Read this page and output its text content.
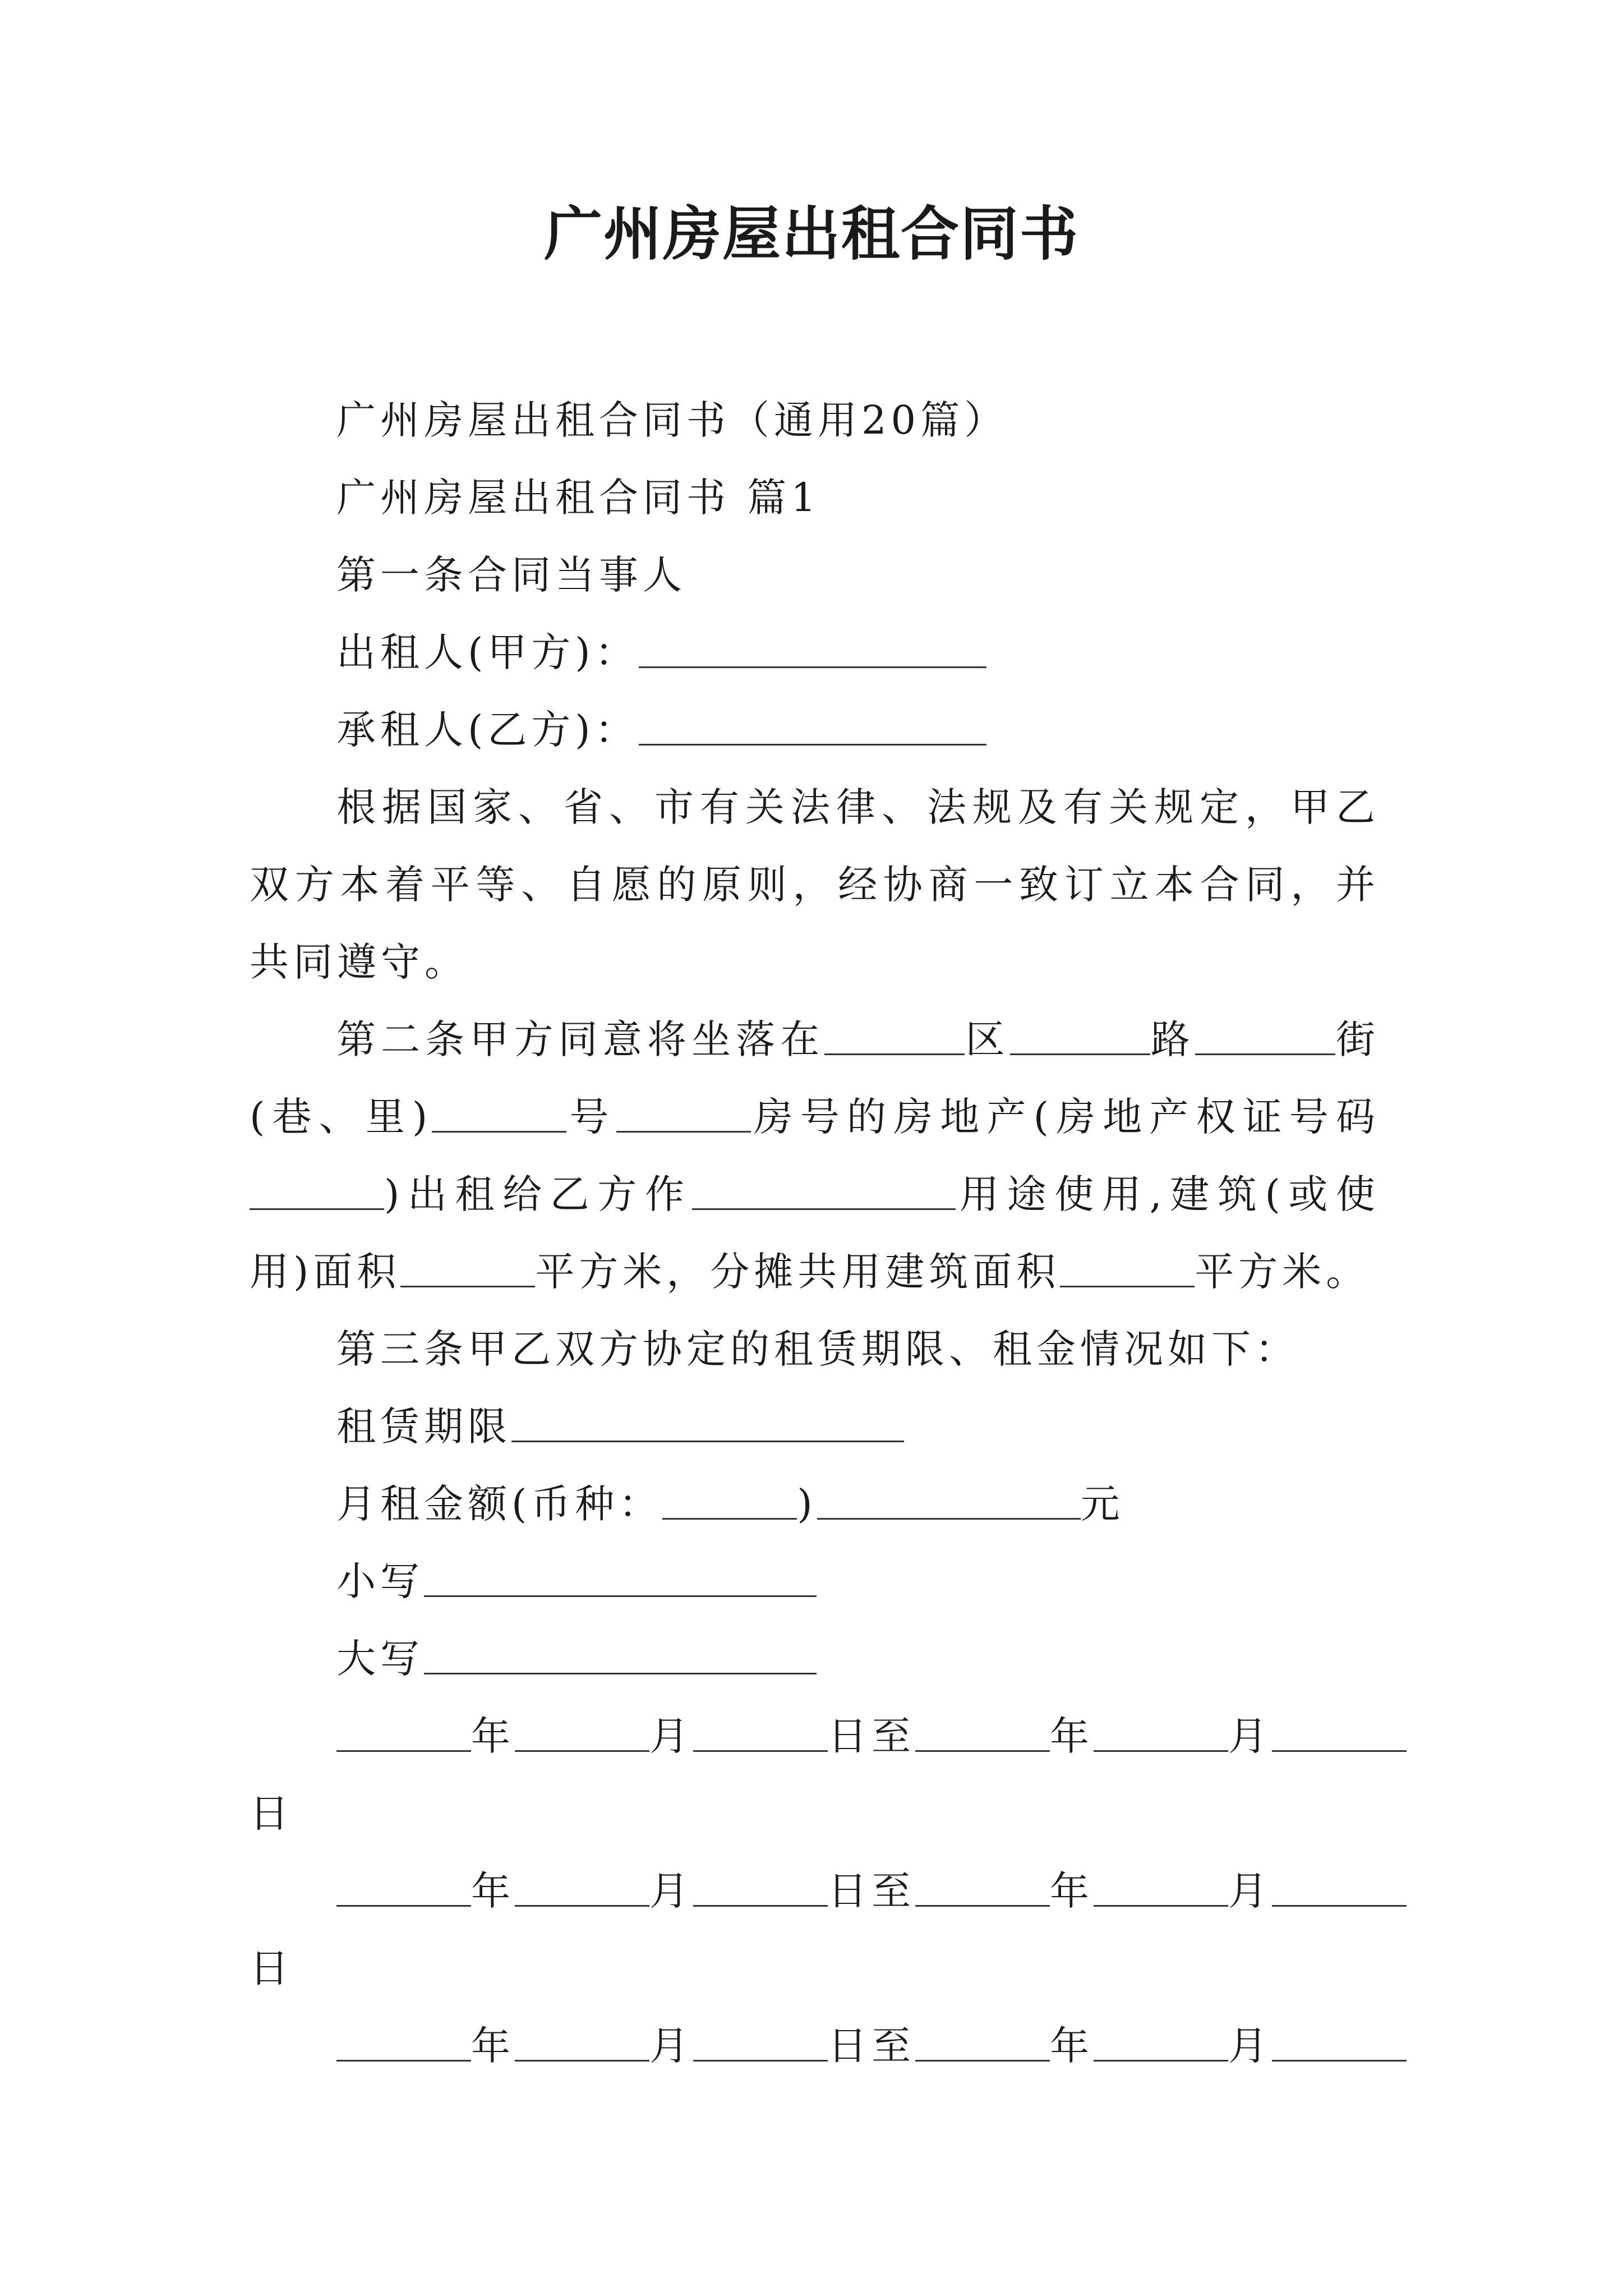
广州房屋出租合同书
广州房屋出租合同书（通用20篇）
广州房屋出租合同书 篇1
第一条合同当事人
出租人(甲方)：
承租人(乙方)：

根据国家、省、市有关法律、法规及有关规定，甲乙双方本着平等、自愿的原则，经协商一致订立本合同，并共同遵守。

第二条甲方同意将坐落在	区	路	街(巷、里)	号	房号的房地产(房地产权证号码)出租给乙方作	用途使用,建筑(或使用)面积	平方米，分摊共用建筑面积	平方米。

第三条甲乙双方协定的租赁期限、租金情况如下：
租赁期限
月租金额(币种：	)	元
小写
大写
年	月	日至	年	月
日
年	月	日至	年	月
日
年	月	日至	年	月
